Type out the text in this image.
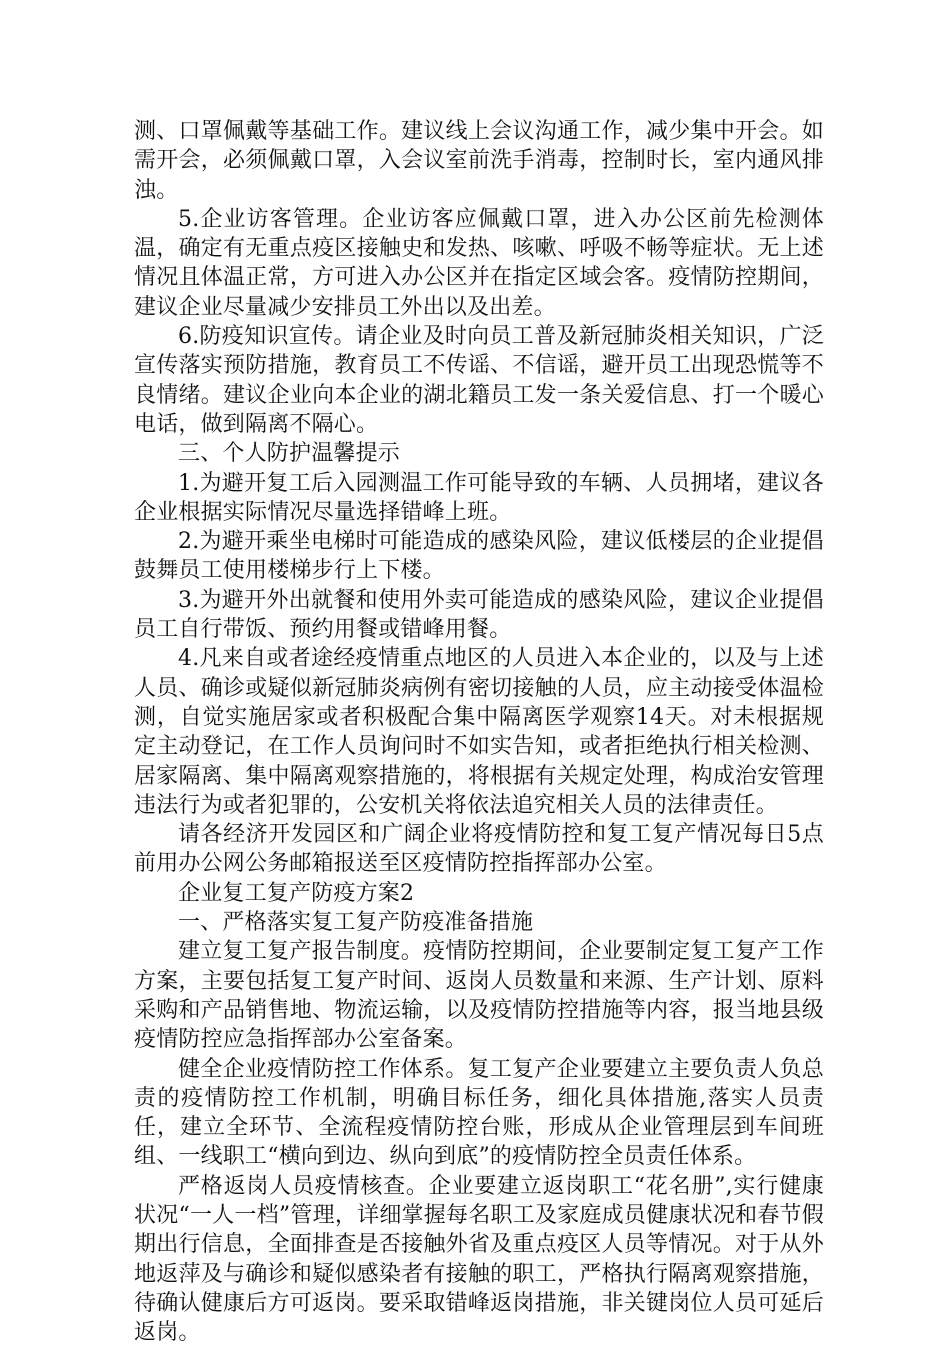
测、口罩佩戴等基础工作。建议线上会议沟通工作，减少集中开会。如需开会，必须佩戴口罩，入会议室前洗手消毒，控制时长，室内通风排浊。

5.企业访客管理。企业访客应佩戴口罩，进入办公区前先检测体温，确定有无重点疫区接触史和发热、咳嗽、呼吸不畅等症状。无上述情况且体温正常，方可进入办公区并在指定区域会客。疫情防控期间，建议企业尽量减少安排员工外出以及出差。

6.防疫知识宣传。请企业及时向员工普及新冠肺炎相关知识，广泛宣传落实预防措施，教育员工不传谣、不信谣，避开员工出现恐慌等不良情绪。建议企业向本企业的湖北籍员工发一条关爱信息、打一个暖心电话，做到隔离不隔心。

三、个人防护温馨提示

1.为避开复工后入园测温工作可能导致的车辆、人员拥堵，建议各企业根据实际情况尽量选择错峰上班。

2.为避开乘坐电梯时可能造成的感染风险，建议低楼层的企业提倡鼓舞员工使用楼梯步行上下楼。

3.为避开外出就餐和使用外卖可能造成的感染风险，建议企业提倡员工自行带饭、预约用餐或错峰用餐。

4.凡来自或者途经疫情重点地区的人员进入本企业的，以及与上述人员、确诊或疑似新冠肺炎病例有密切接触的人员，应主动接受体温检测，自觉实施居家或者积极配合集中隔离医学观察14天。对未根据规定主动登记，在工作人员询问时不如实告知，或者拒绝执行相关检测、居家隔离、集中隔离观察措施的，将根据有关规定处理，构成治安管理违法行为或者犯罪的，公安机关将依法追究相关人员的法律责任。

请各经济开发园区和广阔企业将疫情防控和复工复产情况每日5点前用办公网公务邮箱报送至区疫情防控指挥部办公室。

企业复工复产防疫方案2

一、严格落实复工复产防疫准备措施

建立复工复产报告制度。疫情防控期间，企业要制定复工复产工作方案，主要包括复工复产时间、返岗人员数量和来源、生产计划、原料采购和产品销售地、物流运输，以及疫情防控措施等内容，报当地县级疫情防控应急指挥部办公室备案。

健全企业疫情防控工作体系。复工复产企业要建立主要负责人负总责的疫情防控工作机制，明确目标任务，细化具体措施,落实人员责任，建立全环节、全流程疫情防控台账，形成从企业管理层到车间班组、一线职工“横向到边、纵向到底”的疫情防控全员责任体系。

严格返岗人员疫情核查。企业要建立返岗职工“花名册”,实行健康状况“一人一档”管理，详细掌握每名职工及家庭成员健康状况和春节假期出行信息，全面排查是否接触外省及重点疫区人员等情况。对于从外地返萍及与确诊和疑似感染者有接触的职工，严格执行隔离观察措施，待确认健康后方可返岗。要采取错峰返岗措施，非关键岗位人员可延后返岗。
